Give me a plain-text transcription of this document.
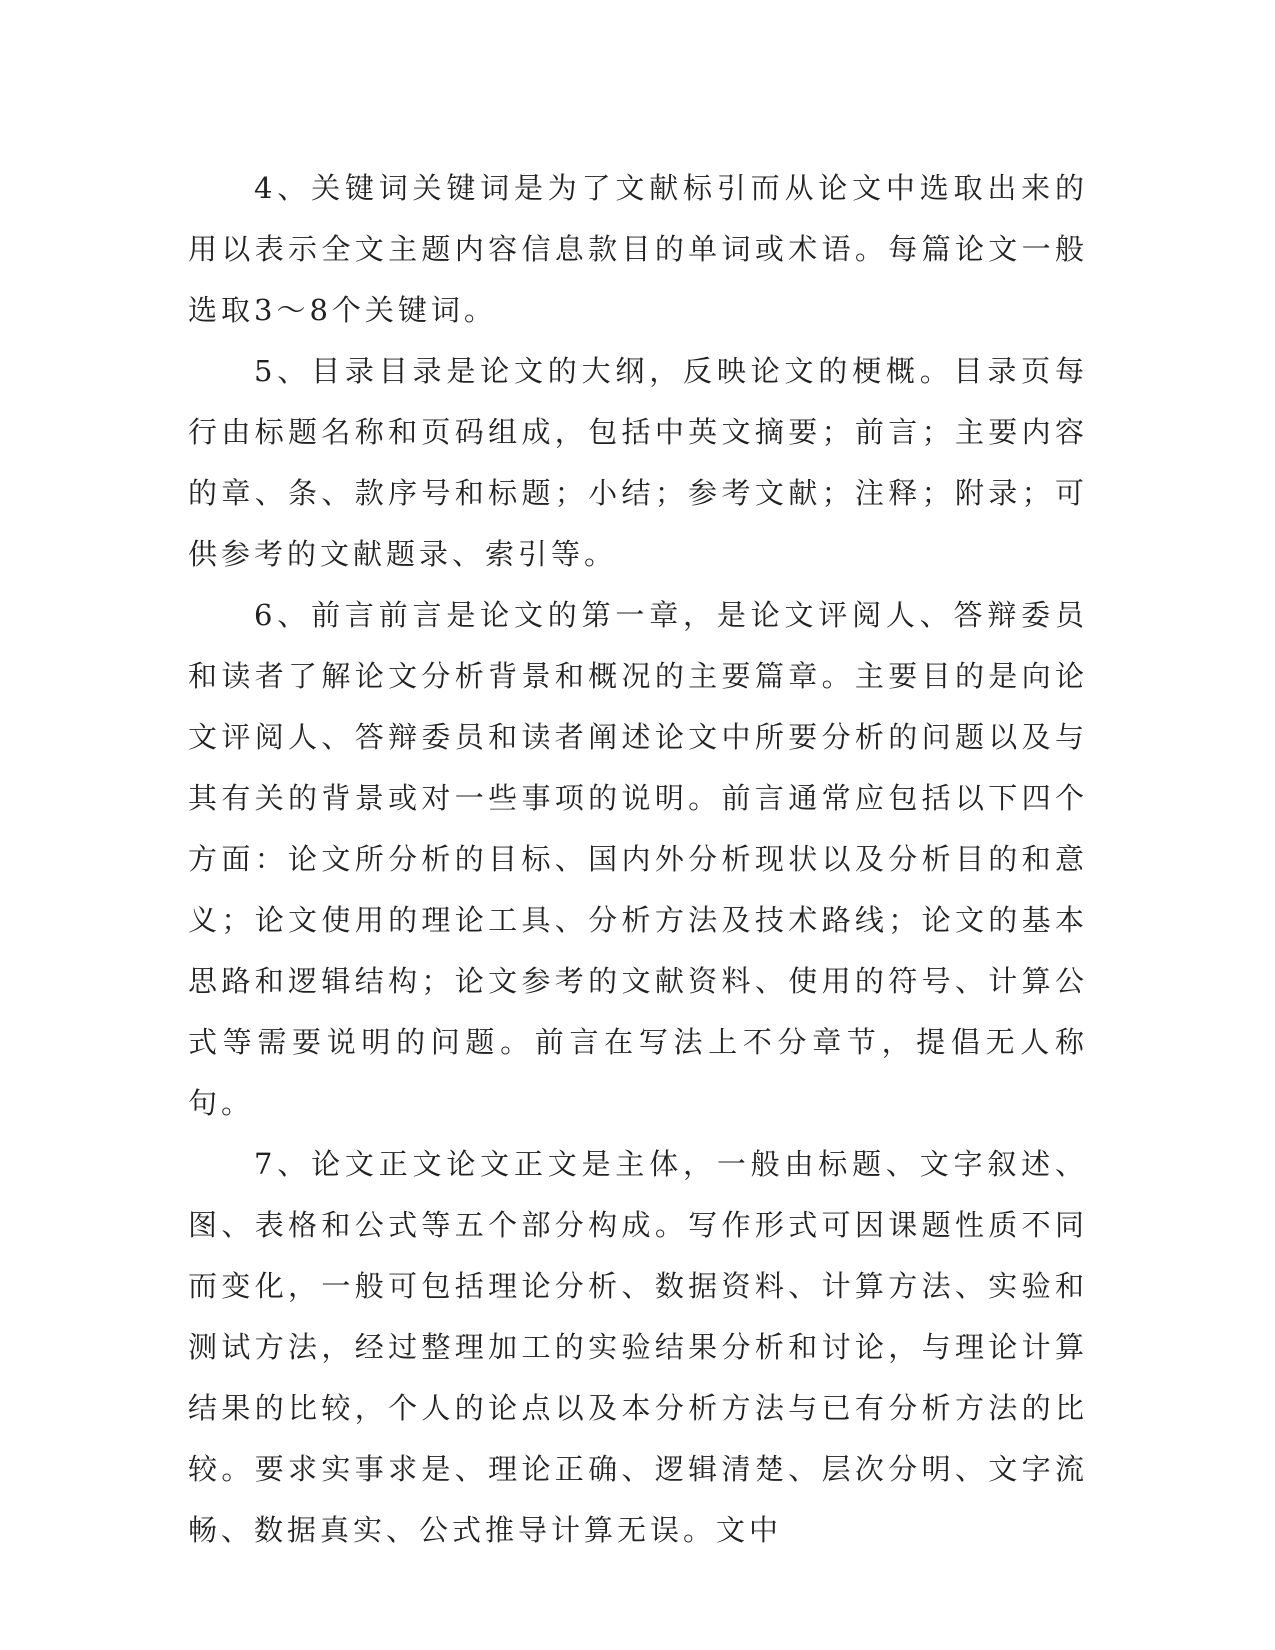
4、关键词关键词是为了文献标引而从论文中选取出来的用以表示全文主题内容信息款目的单词或术语。每篇论文一般选取3～8个关键词。

5、目录目录是论文的大纲，反映论文的梗概。目录页每行由标题名称和页码组成，包括中英文摘要；前言；主要内容的章、条、款序号和标题；小结；参考文献；注释；附录；可供参考的文献题录、索引等。

6、前言前言是论文的第一章，是论文评阅人、答辩委员和读者了解论文分析背景和概况的主要篇章。主要目的是向论文评阅人、答辩委员和读者阐述论文中所要分析的问题以及与其有关的背景或对一些事项的说明。前言通常应包括以下四个方面：论文所分析的目标、国内外分析现状以及分析目的和意义；论文使用的理论工具、分析方法及技术路线；论文的基本思路和逻辑结构；论文参考的文献资料、使用的符号、计算公式等需要说明的问题。前言在写法上不分章节，提倡无人称句。

7、论文正文论文正文是主体，一般由标题、文字叙述、图、表格和公式等五个部分构成。写作形式可因课题性质不同而变化，一般可包括理论分析、数据资料、计算方法、实验和测试方法，经过整理加工的实验结果分析和讨论，与理论计算结果的比较，个人的论点以及本分析方法与已有分析方法的比较。要求实事求是、理论正确、逻辑清楚、层次分明、文字流畅、数据真实、公式推导计算无误。文中
